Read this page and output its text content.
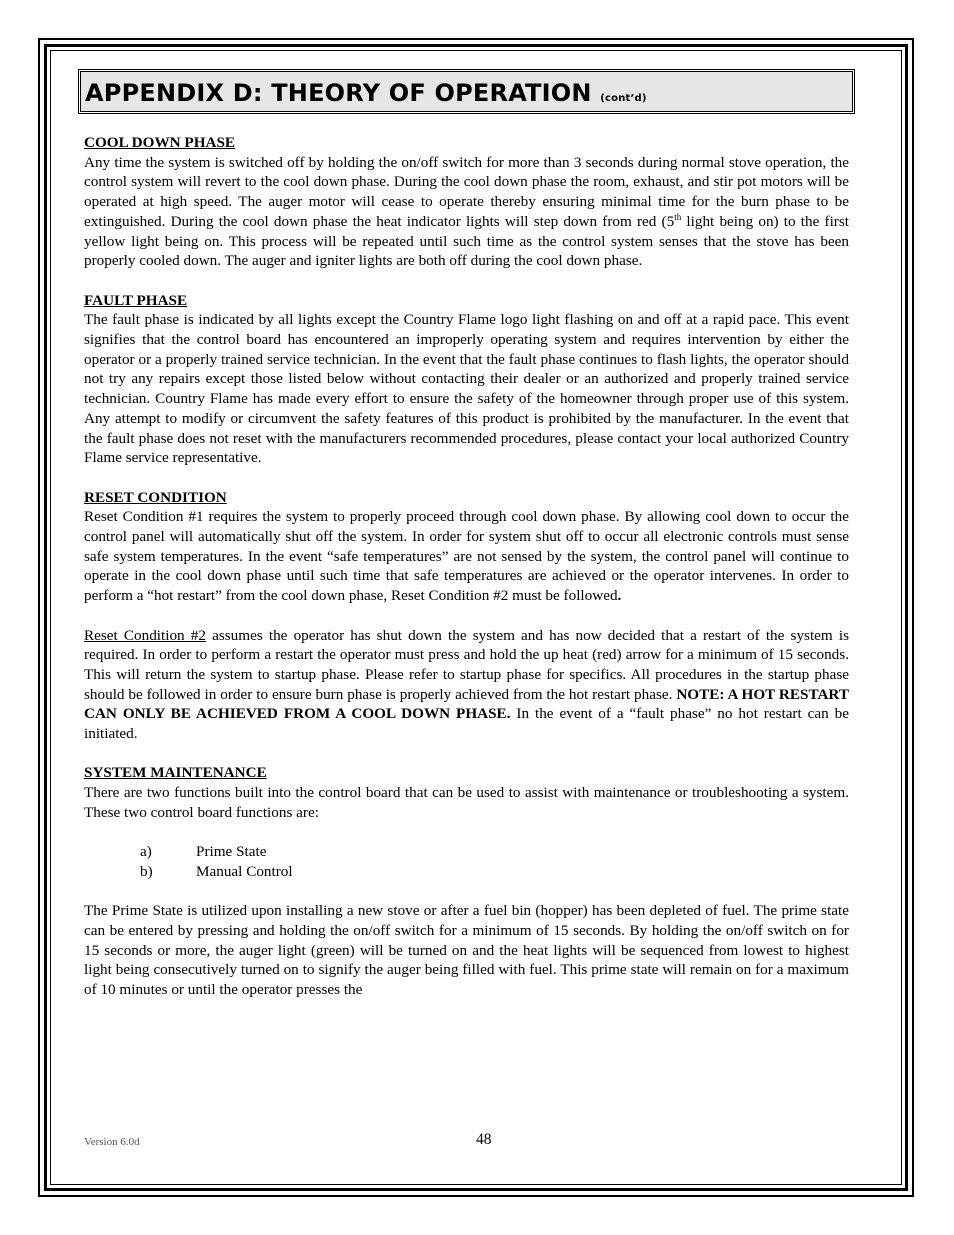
APPENDIX D: THEORY OF OPERATION (cont’d)

COOL DOWN PHASE

Any time the system is switched off by holding the on/off switch for more than 3 seconds during normal stove operation, the control system will revert to the cool down phase. During the cool down phase the room, exhaust, and stir pot motors will be operated at high speed. The auger motor will cease to operate thereby ensuring minimal time for the burn phase to be extinguished. During the cool down phase the heat indicator lights will step down from red (5th light being on) to the first yellow light being on. This process will be repeated until such time as the control system senses that the stove has been properly cooled down. The auger and igniter lights are both off during the cool down phase.

FAULT PHASE

The fault phase is indicated by all lights except the Country Flame logo light flashing on and off at a rapid pace. This event signifies that the control board has encountered an improperly operating system and requires intervention by either the operator or a properly trained service technician. In the event that the fault phase continues to flash lights, the operator should not try any repairs except those listed below without contacting their dealer or an authorized and properly trained service technician. Country Flame has made every effort to ensure the safety of the homeowner through proper use of this system. Any attempt to modify or circumvent the safety features of this product is prohibited by the manufacturer. In the event that the fault phase does not reset with the manufacturers recommended procedures, please contact your local authorized Country Flame service representative.

RESET CONDITION

Reset Condition #1 requires the system to properly proceed through cool down phase. By allowing cool down to occur the control panel will automatically shut off the system. In order for system shut off to occur all electronic controls must sense safe system temperatures. In the event “safe temperatures” are not sensed by the system, the control panel will continue to operate in the cool down phase until such time that safe temperatures are achieved or the operator intervenes. In order to perform a “hot restart” from the cool down phase, Reset Condition #2 must be followed.

Reset Condition #2 assumes the operator has shut down the system and has now decided that a restart of the system is required. In order to perform a restart the operator must press and hold the up heat (red) arrow for a minimum of 15 seconds. This will return the system to startup phase. Please refer to startup phase for specifics. All procedures in the startup phase should be followed in order to ensure burn phase is properly achieved from the hot restart phase. NOTE: A HOT RESTART CAN ONLY BE ACHIEVED FROM A COOL DOWN PHASE. In the event of a “fault phase” no hot restart can be initiated.

SYSTEM MAINTENANCE

There are two functions built into the control board that can be used to assist with maintenance or troubleshooting a system. These two control board functions are:

a)	Prime State
b)	Manual Control

The Prime State is utilized upon installing a new stove or after a fuel bin (hopper) has been depleted of fuel. The prime state can be entered by pressing and holding the on/off switch for a minimum of 15 seconds. By holding the on/off switch on for 15 seconds or more, the auger light (green) will be turned on and the heat lights will be sequenced from lowest to highest light being consecutively turned on to signify the auger being filled with fuel. This prime state will remain on for a maximum of 10 minutes or until the operator presses the

Version 6.0d	48
